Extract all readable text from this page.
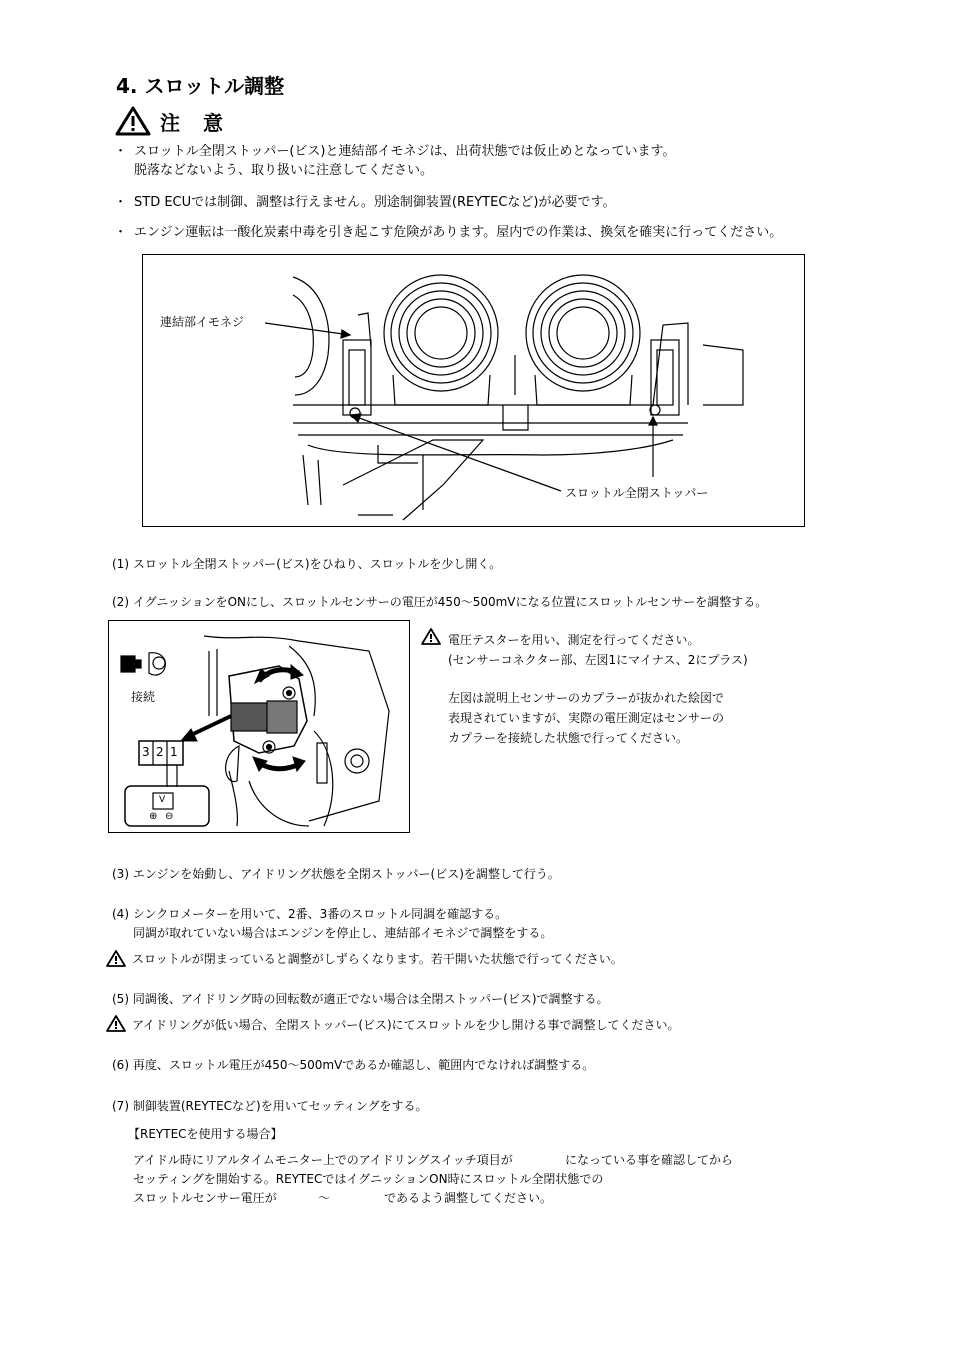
4. スロットル調整
注 意
・ スロットル全閉ストッパー(ビス)と連結部イモネジは、出荷状態では仮止めとなっています。
脱落などないよう、取り扱いに注意してください。
・ STD ECUでは制御、調整は行えません。別途制御装置(REYTECなど)が必要です。
・ エンジン運転は一酸化炭素中毒を引き起こす危険があります。屋内での作業は、換気を確実に行ってください。
連結部イモネジ
スロットル全閉ストッパー
(1) スロットル全閉ストッパー(ビス)をひねり、スロットルを少し開く。
(2) イグニッションをONにし、スロットルセンサーの電圧が450～500mVになる位置にスロットルセンサーを調整する。
接続
3 2 1
V
⊕ ⊖
電圧テスターを用い、測定を行ってください。
(センサーコネクター部、左図1にマイナス、2にプラス)
左図は説明上センサーのカプラーが抜かれた絵図で
表現されていますが、実際の電圧測定はセンサーの
カプラーを接続した状態で行ってください。
(3) エンジンを始動し、アイドリング状態を全閉ストッパー(ビス)を調整して行う。
(4) シンクロメーターを用いて、2番、3番のスロットル同調を確認する。
同調が取れていない場合はエンジンを停止し、連結部イモネジで調整をする。
スロットルが閉まっていると調整がしずらくなります。若干開いた状態で行ってください。
(5) 同調後、アイドリング時の回転数が適正でない場合は全閉ストッパー(ビス)で調整する。
アイドリングが低い場合、全閉ストッパー(ビス)にてスロットルを少し開ける事で調整してください。
(6) 再度、スロットル電圧が450～500mVであるか確認し、範囲内でなければ調整する。
(7) 制御装置(REYTECなど)を用いてセッティングをする。
【REYTECを使用する場合】
アイドル時にリアルタイムモニター上でのアイドリングスイッチ項目が	になっている事を確認してから
セッティングを開始する。REYTECではイグニッションON時にスロットル全閉状態での
スロットルセンサー電圧が	～	であるよう調整してください。
